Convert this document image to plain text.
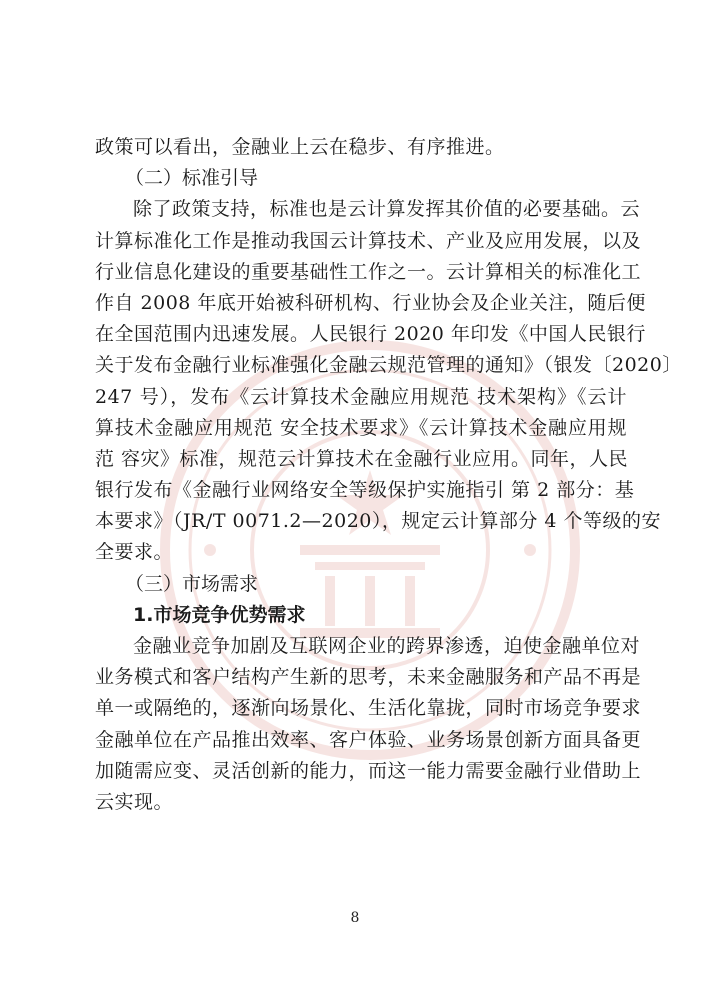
政策可以看出，金融业上云在稳步、有序推进。
（二）标准引导
除了政策支持，标准也是云计算发挥其价值的必要基础。云
计算标准化工作是推动我国云计算技术、产业及应用发展，以及
行业信息化建设的重要基础性工作之一。云计算相关的标准化工
作自 2008 年底开始被科研机构、行业协会及企业关注，随后便
在全国范围内迅速发展。人民银行 2020 年印发《中国人民银行
关于发布金融行业标准强化金融云规范管理的通知》（银发〔2020〕
247 号），发布《云计算技术金融应用规范 技术架构》《云计
算技术金融应用规范 安全技术要求》《云计算技术金融应用规
范 容灾》标准，规范云计算技术在金融行业应用。同年，人民
银行发布《金融行业网络安全等级保护实施指引 第 2 部分：基
本要求》（JR/T 0071.2—2020），规定云计算部分 4 个等级的安
全要求。
（三）市场需求
1.市场竞争优势需求
金融业竞争加剧及互联网企业的跨界渗透，迫使金融单位对
业务模式和客户结构产生新的思考，未来金融服务和产品不再是
单一或隔绝的，逐渐向场景化、生活化靠拢，同时市场竞争要求
金融单位在产品推出效率、客户体验、业务场景创新方面具备更
加随需应变、灵活创新的能力，而这一能力需要金融行业借助上
云实现。
8
